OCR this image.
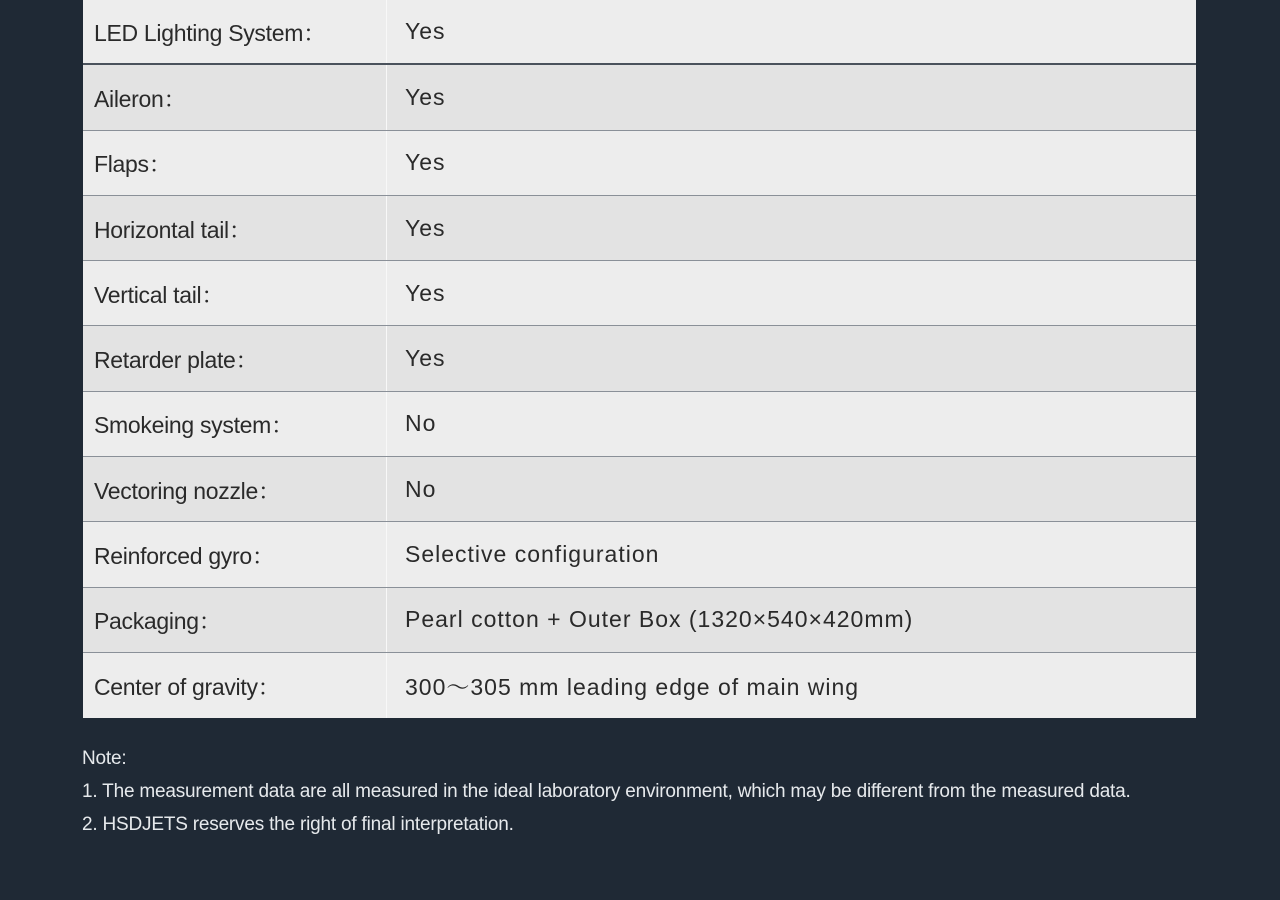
LED Lighting System：	Yes
Aileron：	Yes
Flaps：	Yes
Horizontal tail：	Yes
Vertical tail：	Yes
Retarder plate：	Yes
Smokeing system：	No
Vectoring nozzle：	No
Reinforced gyro：	Selective configuration
Packaging：	Pearl cotton + Outer Box (1320×540×420mm)
Center of gravity：	300～305 mm leading edge of main wing
Note:
1. The measurement data are all measured in the ideal laboratory environment, which may be different from the measured data.
2. HSDJETS reserves the right of final interpretation.
